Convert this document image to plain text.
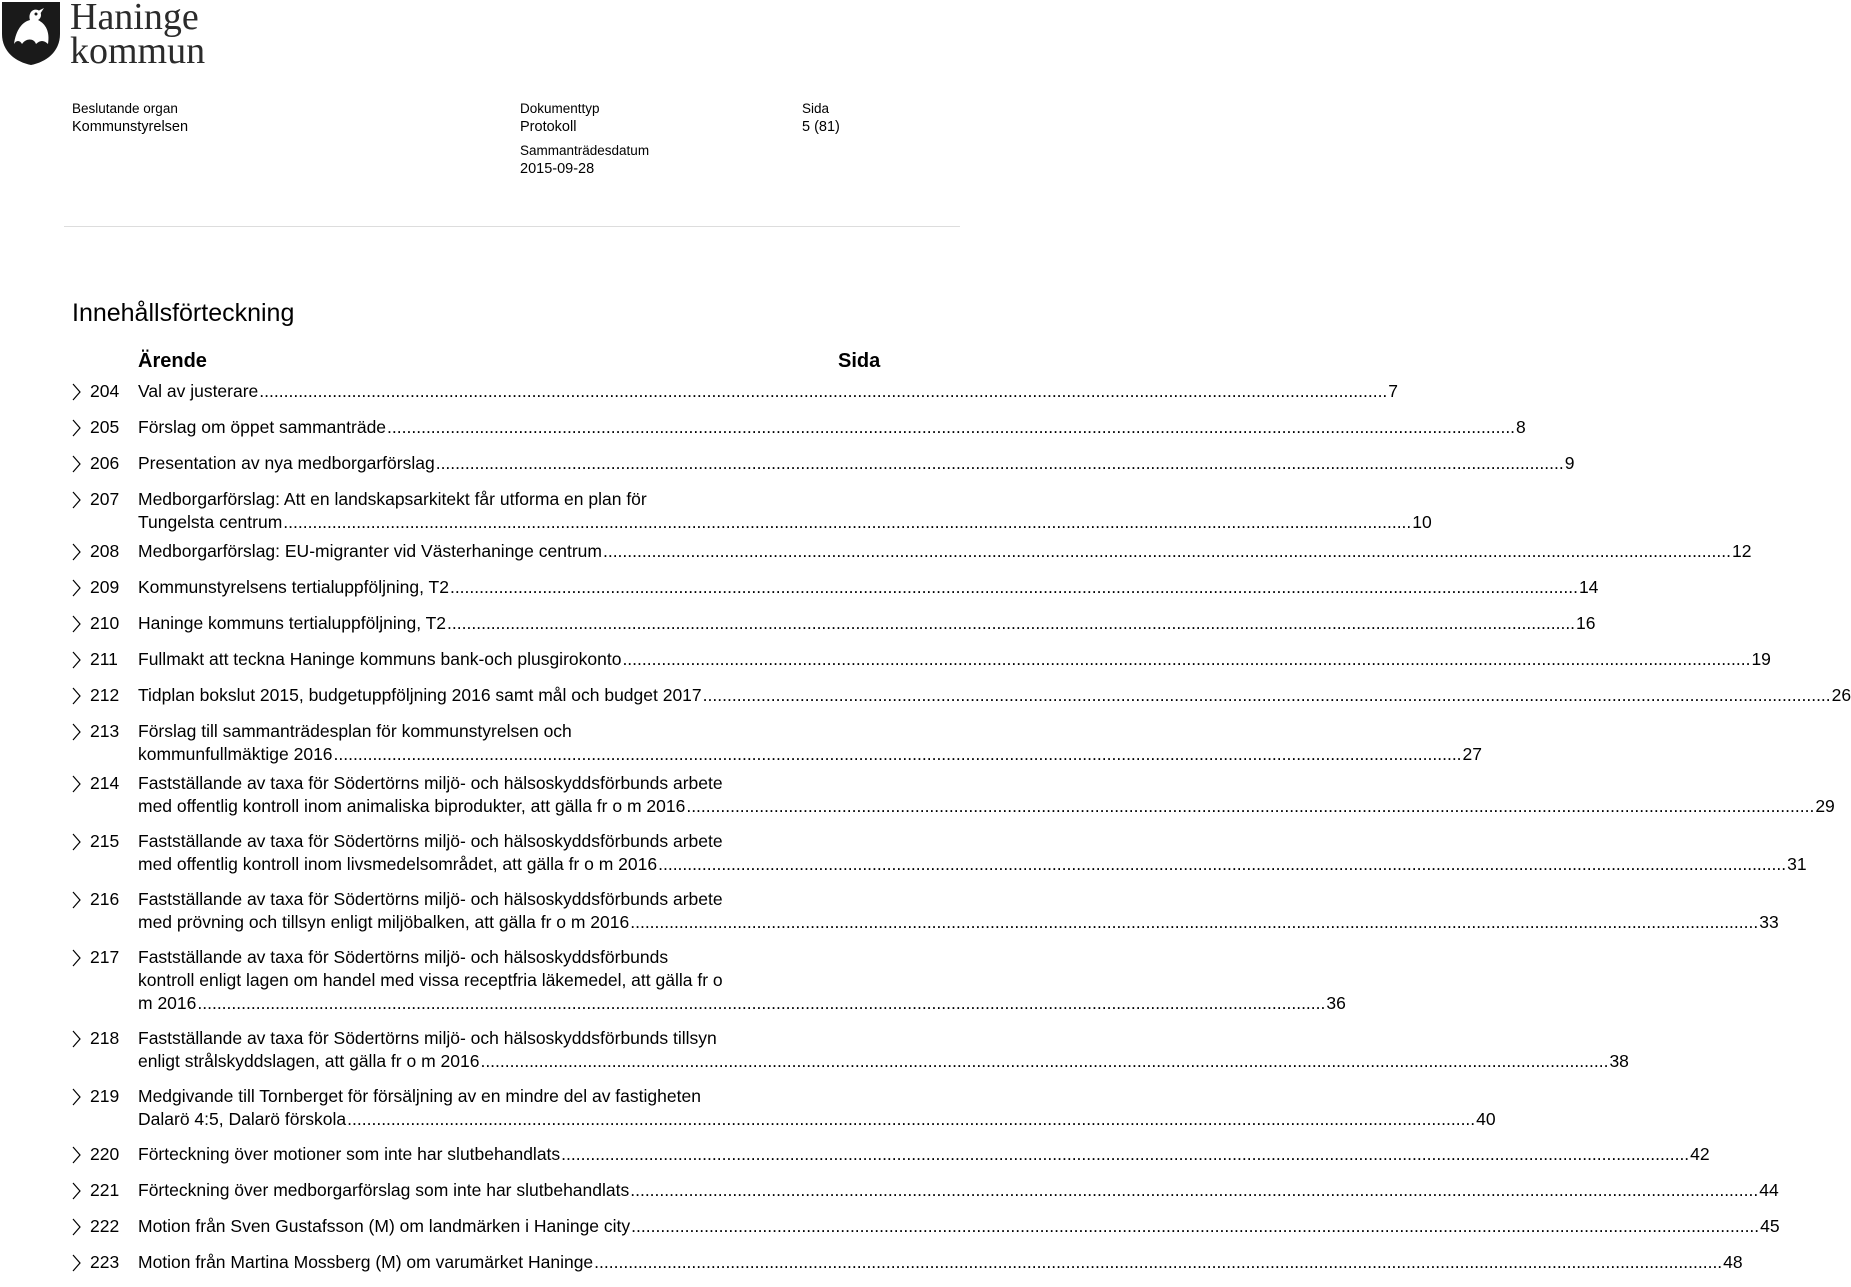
Haninge
kommun
Beslutande organ
Kommunstyrelsen
Dokumenttyp
Protokoll
Sida
5 (81)
Sammanträdesdatum
2015-09-28
Innehållsförteckning
Ärende	Sida
204	Val av justerare .....	7
205	Förslag om öppet sammanträde .....	8
206	Presentation av nya medborgarförslag .....	9
207	Medborgarförslag: Att en landskapsarkitekt får utforma en plan för
Tungelsta centrum .....	10
208	Medborgarförslag: EU-migranter vid Västerhaninge centrum .....	12
209	Kommunstyrelsens tertialuppföljning, T2 .....	14
210	Haninge kommuns tertialuppföljning, T2 .....	16
211	Fullmakt att teckna Haninge kommuns bank-och plusgirokonto .....	19
212	Tidplan bokslut 2015, budgetuppföljning 2016 samt mål och budget 2017 .....	26
213	Förslag till sammanträdesplan för kommunstyrelsen och
kommunfullmäktige 2016 .....	27
214	Fastställande av taxa för Södertörns miljö- och hälsoskyddsförbunds arbete
med offentlig kontroll inom animaliska biprodukter, att gälla fr o m 2016 .....	29
215	Fastställande av taxa för Södertörns miljö- och hälsoskyddsförbunds arbete
med offentlig kontroll inom livsmedelsområdet, att gälla fr o m 2016 .....	31
216	Fastställande av taxa för Södertörns miljö- och hälsoskyddsförbunds arbete
med prövning och tillsyn enligt miljöbalken, att gälla fr o m 2016 .....	33
217	Fastställande av taxa för Södertörns miljö- och hälsoskyddsförbunds
kontroll enligt lagen om handel med vissa receptfria läkemedel, att gälla fr o
m 2016 .....	36
218	Fastställande av taxa för Södertörns miljö- och hälsoskyddsförbunds tillsyn
enligt strålskyddslagen, att gälla fr o m 2016 .....	38
219	Medgivande till Tornberget för försäljning av en mindre del av fastigheten
Dalarö 4:5, Dalarö förskola .....	40
220	Förteckning över motioner som inte har slutbehandlats .....	42
221	Förteckning över medborgarförslag som inte har slutbehandlats .....	44
222	Motion från Sven Gustafsson (M) om landmärken i Haninge city .....	45
223	Motion från Martina Mossberg (M) om varumärket Haninge .....	48
